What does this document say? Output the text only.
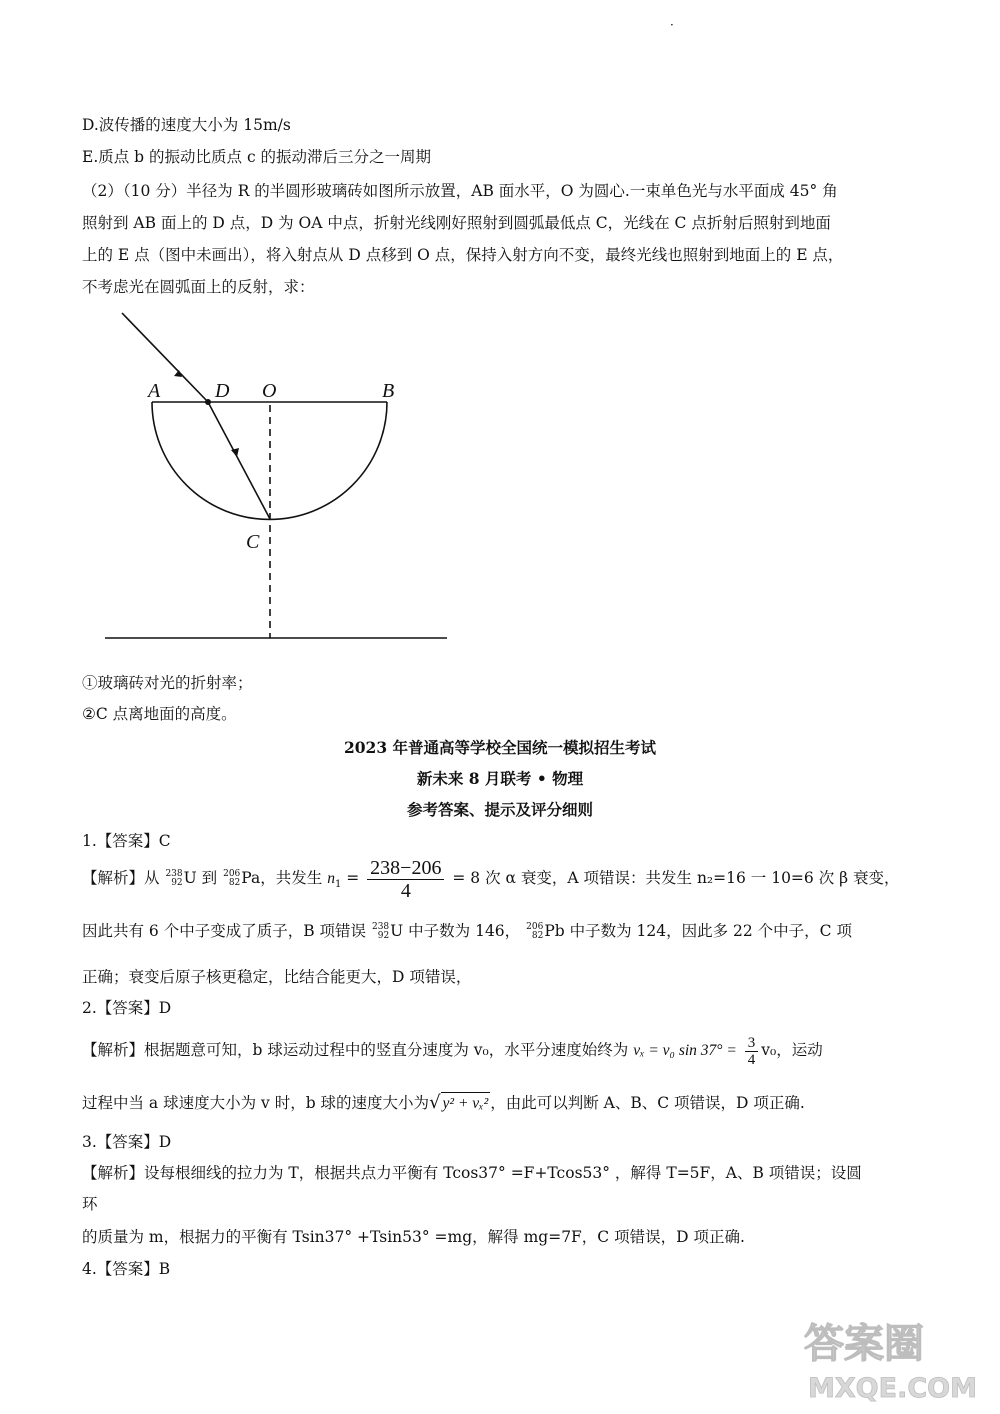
·
D.波传播的速度大小为 15m/s
E.质点 b 的振动比质点 c 的振动滞后三分之一周期
（2）（10 分）半径为 R 的半圆形玻璃砖如图所示放置，AB 面水平，O 为圆心.一束单色光与水平面成 45° 角
照射到 AB 面上的 D 点，D 为 OA 中点，折射光线刚好照射到圆弧最低点 C，光线在 C 点折射后照射到地面
上的 E 点（图中未画出），将入射点从 D 点移到 O 点，保持入射方向不变，最终光线也照射到地面上的 E 点，
不考虑光在圆弧面上的反射，求：
A	D O	B
C
①玻璃砖对光的折射率；
②C 点离地面的高度。
2023 年普通高等学校全国统一模拟招生考试
新未来 8 月联考 • 物理
参考答案、提示及评分细则
1.【答案】C
【解析】从 238
92U 到 206
82Pa，共发生 $n_1 = \frac{238-206}{4} = 8$ 次 α 衰变，A 项错误：共发生 n₂=16 一 10=6 次 β 衰变，
因此共有 6 个中子变成了质子，B 项错误 238
92U 中子数为 146， 206
82Pb 中子数为 124，因此多 22 个中子，C 项
正确；衰变后原子核更稳定，比结合能更大，D 项错误，
2.【答案】D
【解析】根据题意可知，b 球运动过程中的竖直分速度为 v₀，水平分速度始终为 vₓ = v₀ $\sin 37^\circ = \frac{3}{4} v_0$，运动
过程中当 a 球速度大小为 v 时，b 球的速度大小为√ y² + vₓ² ，由此可以判断 A、B、C 项错误，D 项正确.
3.【答案】D
【解析】设每根细线的拉力为 T，根据共点力平衡有 Tcos37° =F+Tcos53° ，解得 T=5F，A、B 项错误；设圆
环
的质量为 m，根据力的平衡有 Tsin37° +Tsin53° =mg，解得 mg=7F，C 项错误，D 项正确.
4.【答案】B
答案圈
MXQE.COM
